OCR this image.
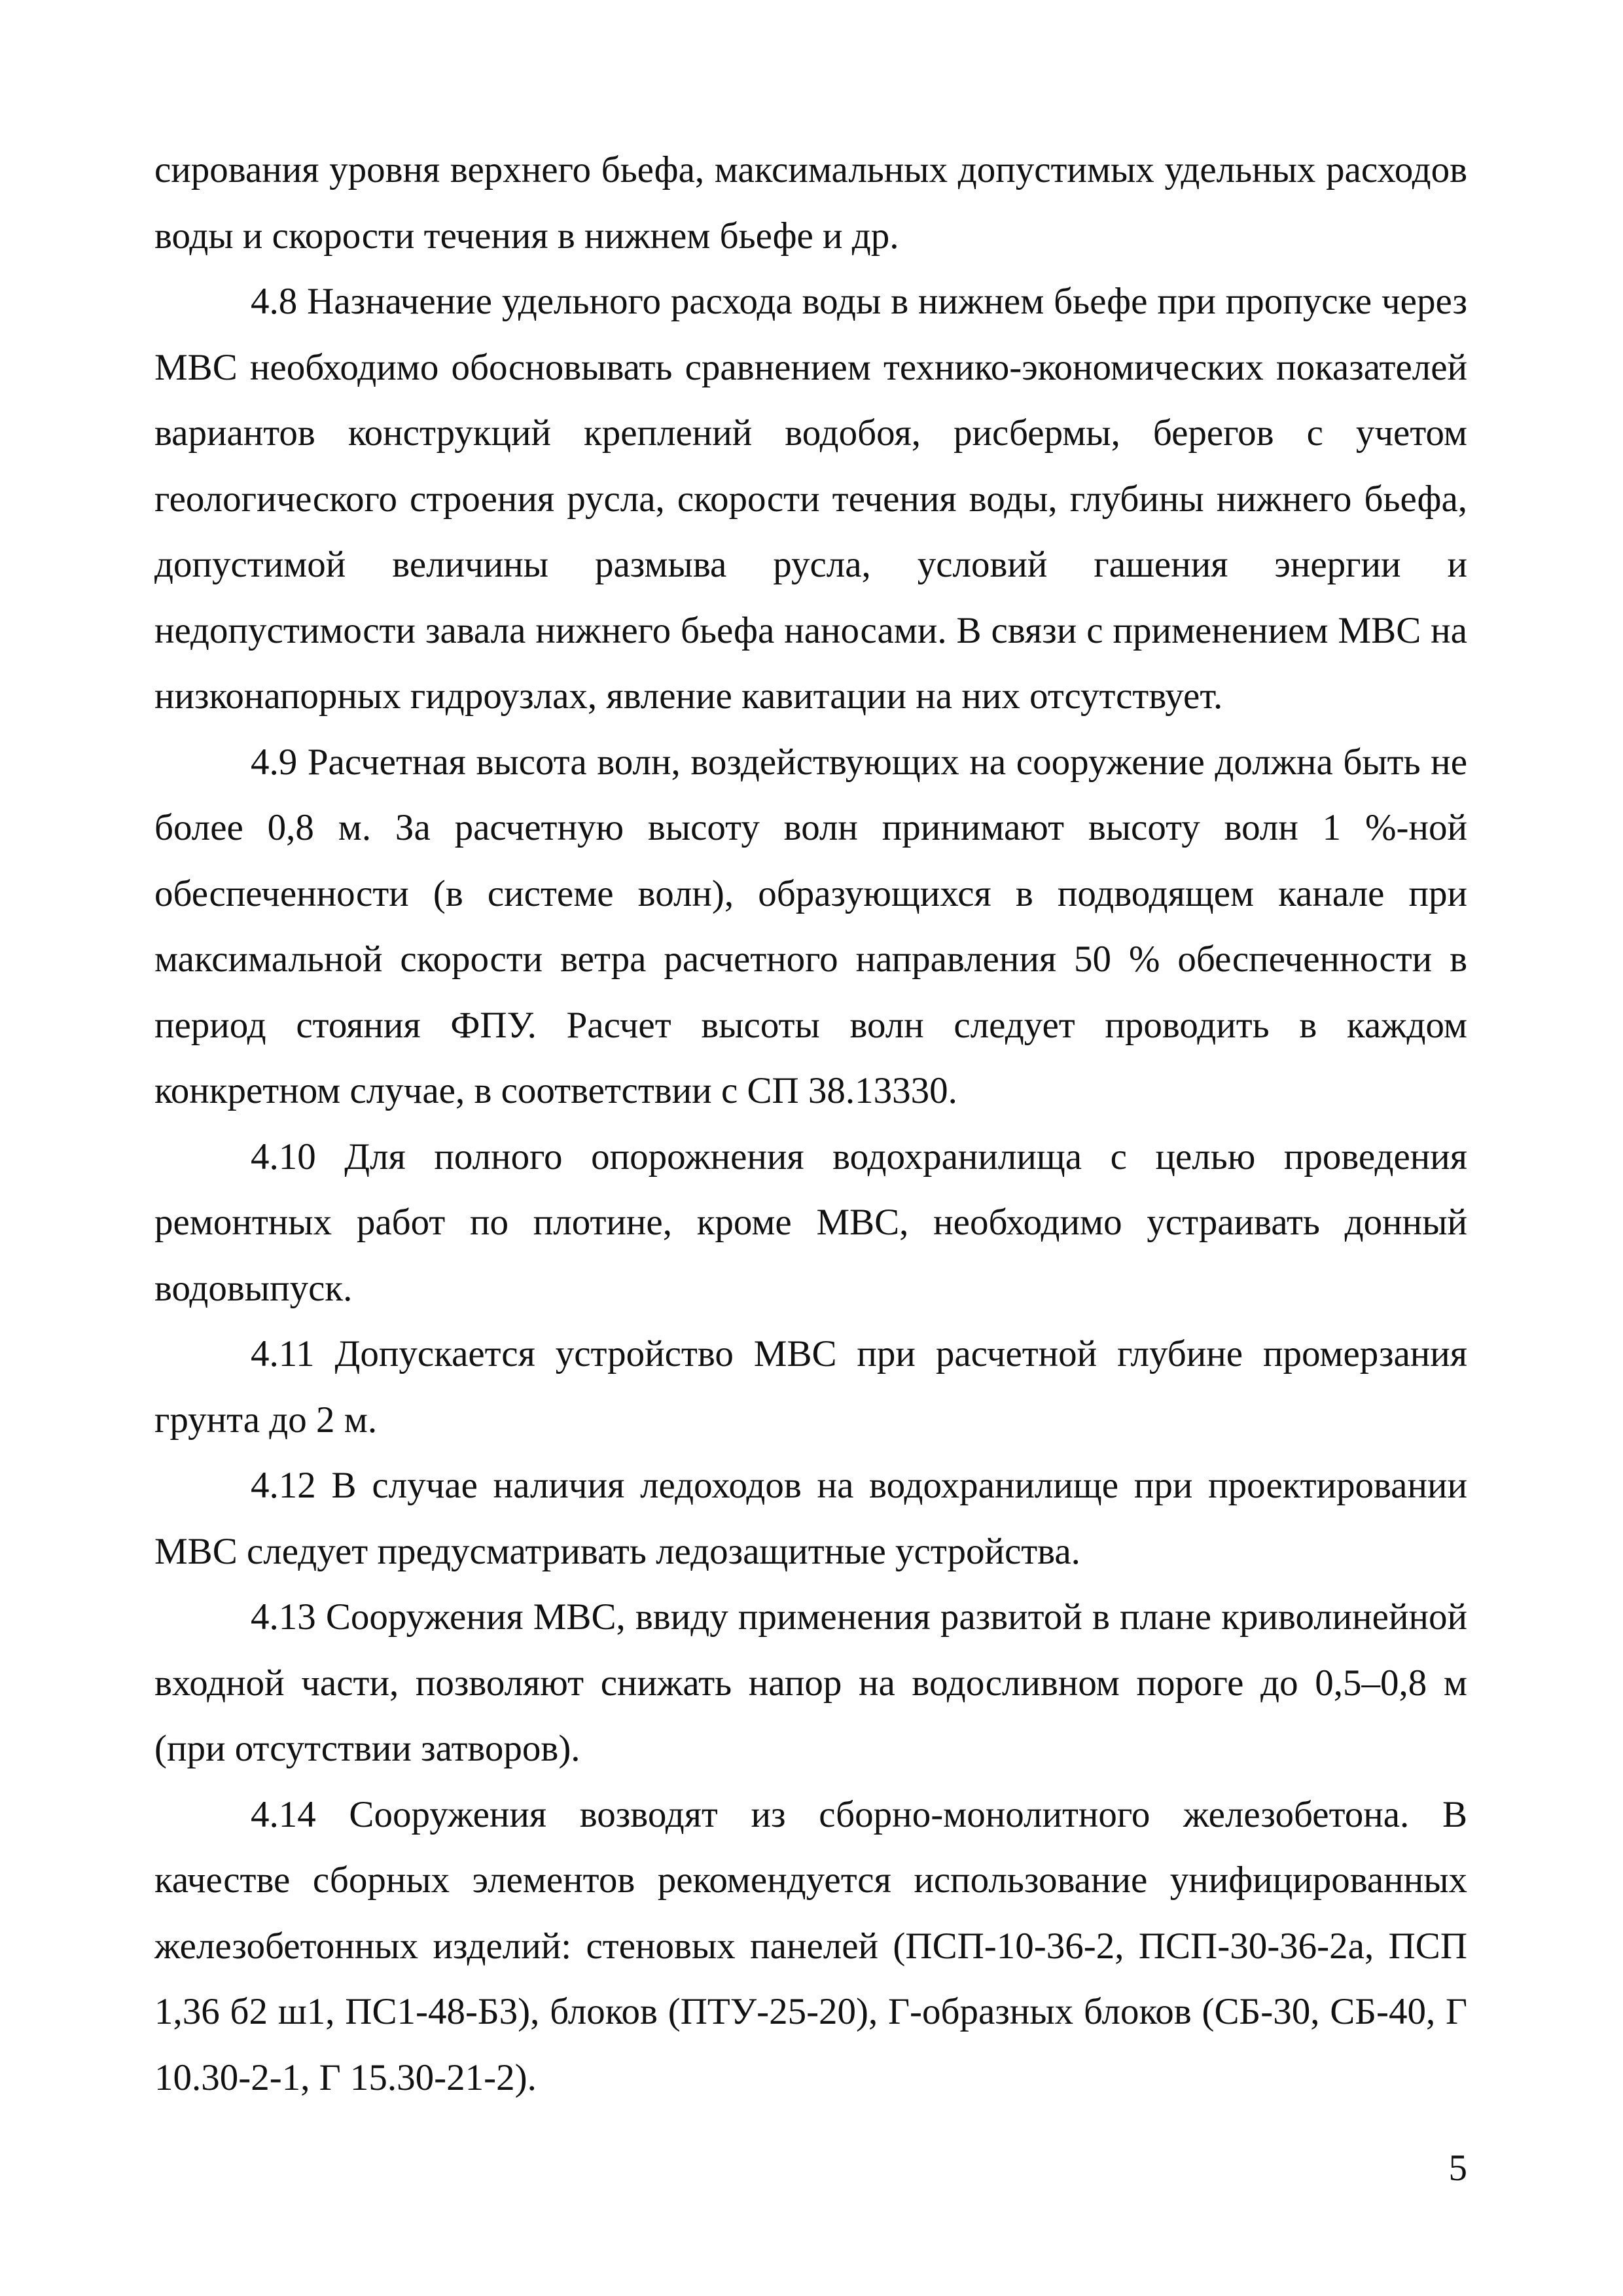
сирования уровня верхнего бьефа, максимальных допустимых удельных расходов воды и скорости течения в нижнем бьефе и др.

4.8 Назначение удельного расхода воды в нижнем бьефе при пропуске через МВС необходимо обосновывать сравнением технико-экономических показателей вариантов конструкций креплений водобоя, рисбермы, берегов с учетом геологического строения русла, скорости течения воды, глубины нижнего бьефа, допустимой величины размыва русла, условий гашения энергии и недопустимости завала нижнего бьефа наносами. В связи с применением МВС на низконапорных гидроузлах, явление кавитации на них отсутствует.

4.9 Расчетная высота волн, воздействующих на сооружение должна быть не более 0,8 м. За расчетную высоту волн принимают высоту волн 1 %-ной обеспеченности (в системе волн), образующихся в подводящем канале при максимальной скорости ветра расчетного направления 50 % обеспеченности в период стояния ФПУ. Расчет высоты волн следует проводить в каждом конкретном случае, в соответствии с СП 38.13330.

4.10 Для полного опорожнения водохранилища с целью проведения ремонтных работ по плотине, кроме МВС, необходимо устраивать донный водовыпуск.

4.11 Допускается устройство МВС при расчетной глубине промерзания грунта до 2 м.

4.12 В случае наличия ледоходов на водохранилище при проектировании МВС следует предусматривать ледозащитные устройства.

4.13 Сооружения МВС, ввиду применения развитой в плане криволинейной входной части, позволяют снижать напор на водосливном пороге до 0,5–0,8 м (при отсутствии затворов).

4.14 Сооружения возводят из сборно-монолитного железобетона. В качестве сборных элементов рекомендуется использование унифицированных железобетонных изделий: стеновых панелей (ПСП-10-36-2, ПСП-30-36-2а, ПСП 1,36 б2 ш1, ПС1-48-Б3), блоков (ПТУ-25-20), Г-образных блоков (СБ-30, СБ-40, Г 10.30-2-1, Г 15.30-21-2).

5
